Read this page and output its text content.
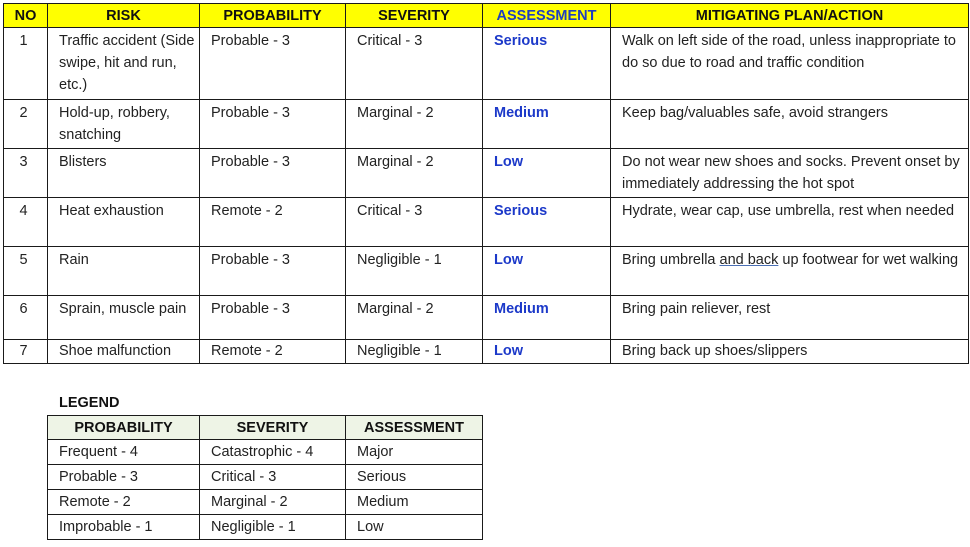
NO	RISK	PROBABILITY	SEVERITY	ASSESSMENT	MITIGATING PLAN/ACTION

1	Traffic accident (Side swipe, hit and run, etc.)	Probable - 3	Critical - 3	Serious	Walk on left side of the road, unless inappropriate to do so due to road and traffic condition

2	Hold-up, robbery, snatching	Probable - 3	Marginal - 2	Medium	Keep bag/valuables safe, avoid strangers

3	Blisters	Probable - 3	Marginal - 2	Low	Do not wear new shoes and socks. Prevent onset by immediately addressing the hot spot

4	Heat exhaustion	Remote - 2	Critical - 3	Serious	Hydrate, wear cap, use umbrella, rest when needed

5	Rain	Probable - 3	Negligible - 1	Low	Bring umbrella and back up footwear for wet walking

6	Sprain, muscle pain	Probable - 3	Marginal - 2	Medium	Bring pain reliever, rest

7	Shoe malfunction	Remote - 2	Negligible - 1	Low	Bring back up shoes/slippers
LEGEND
PROBABILITY	SEVERITY	ASSESSMENT

Frequent - 4	Catastrophic - 4	Major

Probable - 3	Critical - 3	Serious

Remote - 2	Marginal - 2	Medium

Improbable - 1	Negligible - 1	Low
